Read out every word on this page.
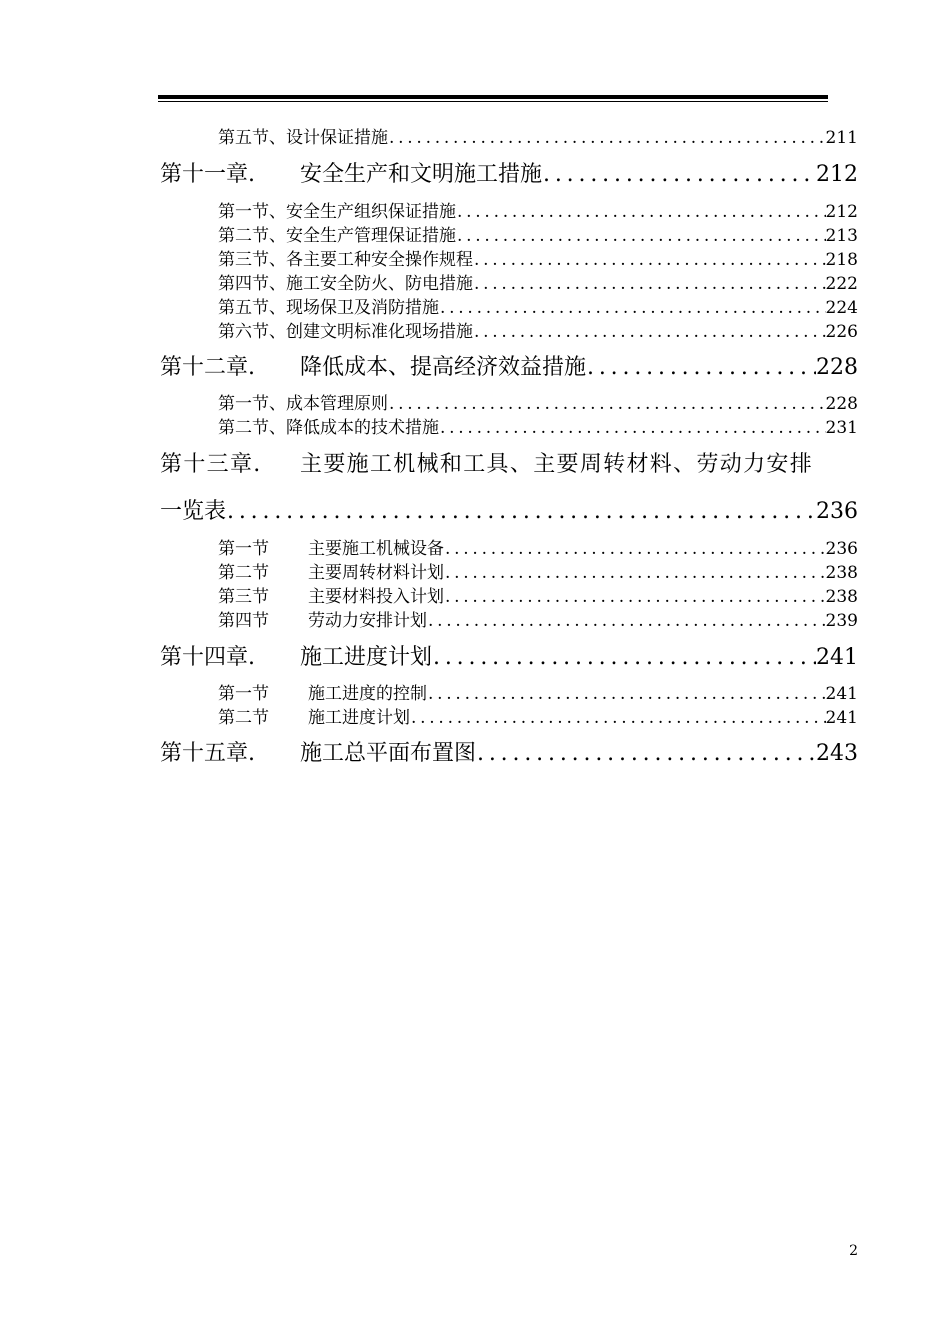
第五节、设计保证措施 .....	211
第十一章. 安全生产和文明施工措施 .....	212
第一节、安全生产组织保证措施 .....	212
第二节、安全生产管理保证措施 .....	213
第三节、各主要工种安全操作规程 .....	218
第四节、施工安全防火、防电措施 .....	222
第五节、现场保卫及消防措施 .....	224
第六节、创建文明标准化现场措施 .....	226
第十二章. 降低成本、提高经济效益措施 .....	228
第一节、成本管理原则 .....	228
第二节、降低成本的技术措施 .....	231
第十三章. 主要施工机械和工具、主要周转材料、劳动力安排
一览表 .....	236
第一节 主要施工机械设备 .....	236
第二节 主要周转材料计划 .....	238
第三节 主要材料投入计划 .....	238
第四节 劳动力安排计划 .....	239
第十四章. 施工进度计划 .....	241
第一节 施工进度的控制 .....	241
第二节 施工进度计划 .....	241
第十五章. 施工总平面布置图 .....	243
2
